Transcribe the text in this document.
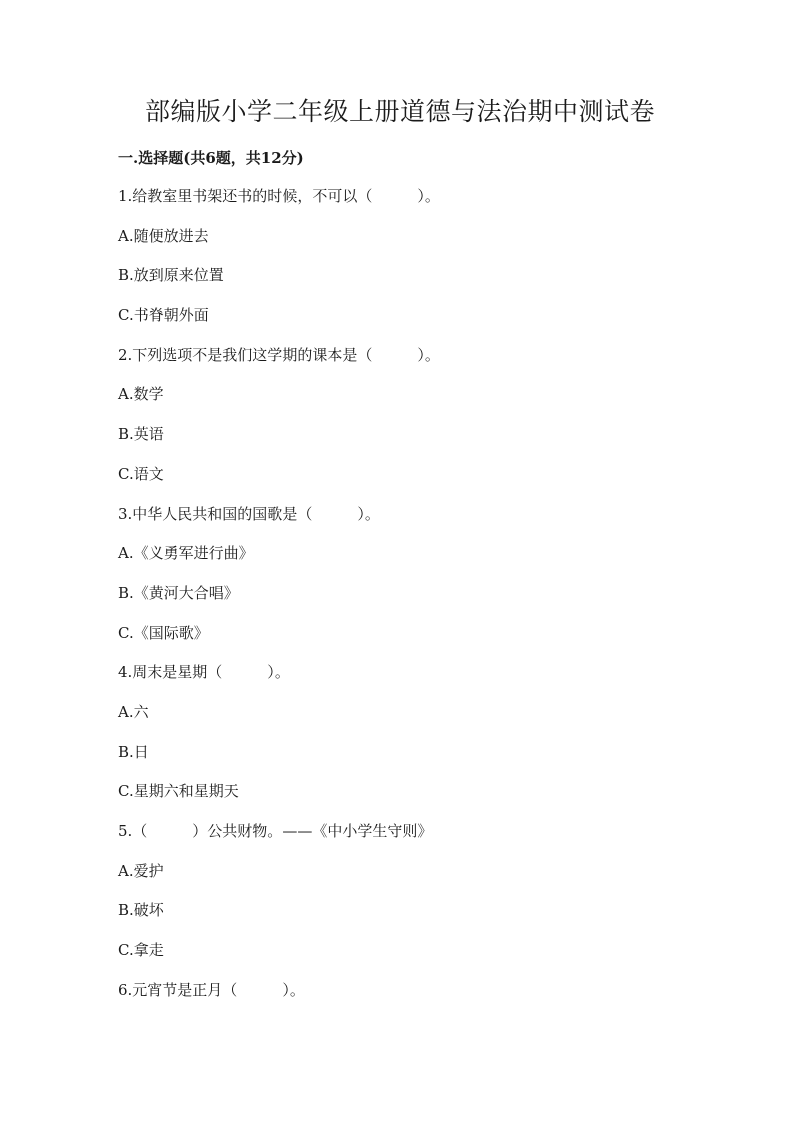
部编版小学二年级上册道德与法治期中测试卷
一.选择题(共6题，共12分)
1.给教室里书架还书的时候，不可以（　　　）。
A.随便放进去
B.放到原来位置
C.书脊朝外面
2.下列选项不是我们这学期的课本是（　　　）。
A.数学
B.英语
C.语文
3.中华人民共和国的国歌是（　　　）。
A.《义勇军进行曲》
B.《黄河大合唱》
C.《国际歌》
4.周末是星期（　　　）。
A.六
B.日
C.星期六和星期天
5.（　　　）公共财物。——《中小学生守则》
A.爱护
B.破坏
C.拿走
6.元宵节是正月（　　　）。
